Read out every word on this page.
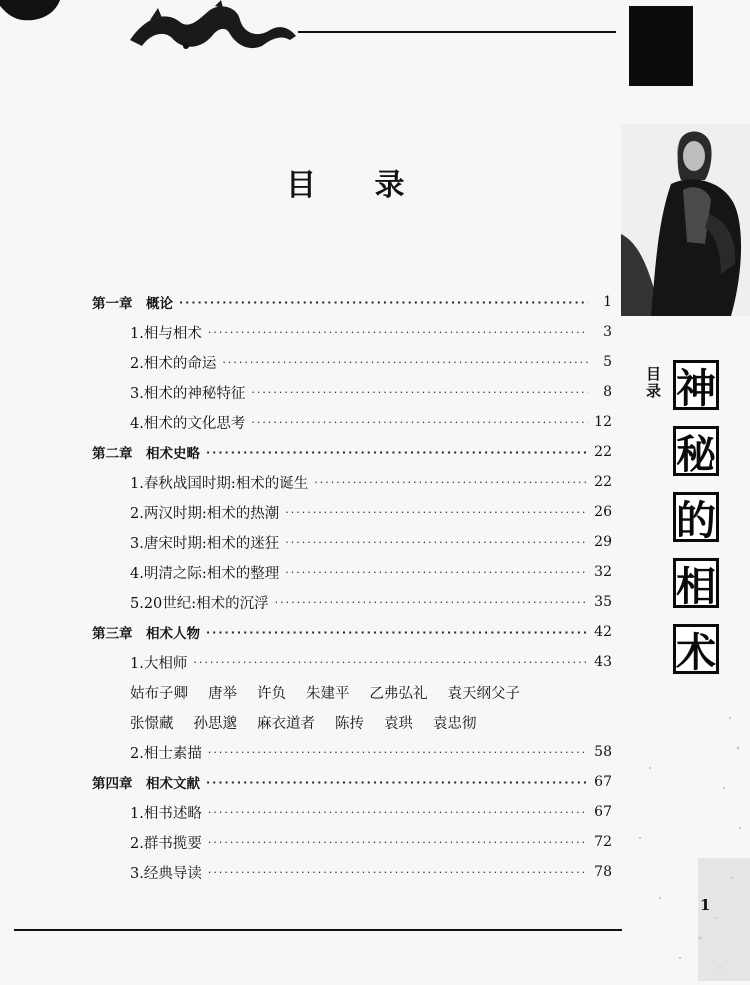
目录 神
秘
的
相
术
目 录
第一章　概论 ·····	1
1.相与相术 ·····	3
2.相术的命运 ·····	5
3.相术的神秘特征 ·····	8
4.相术的文化思考 ·····	12
第二章　相术史略 ·····	22
1.春秋战国时期:相术的诞生 ·····	22
2.两汉时期:相术的热潮 ·····	26
3.唐宋时期:相术的迷狂 ·····	29
4.明清之际:相术的整理 ·····	32
5.20世纪:相术的沉浮 ·····	35
第三章　相术人物 ·····	42
1.大相师 ·····	43
姑布子卿 唐举 许负 朱建平 乙弗弘礼 袁天纲父子
张憬藏 孙思邈 麻衣道者 陈抟 袁珙 袁忠彻
2.相士素描 ·····	58
第四章　相术文献 ·····	67
1.相书述略 ·····	67
2.群书揽要 ·····	72
3.经典导读 ·····	78
1
